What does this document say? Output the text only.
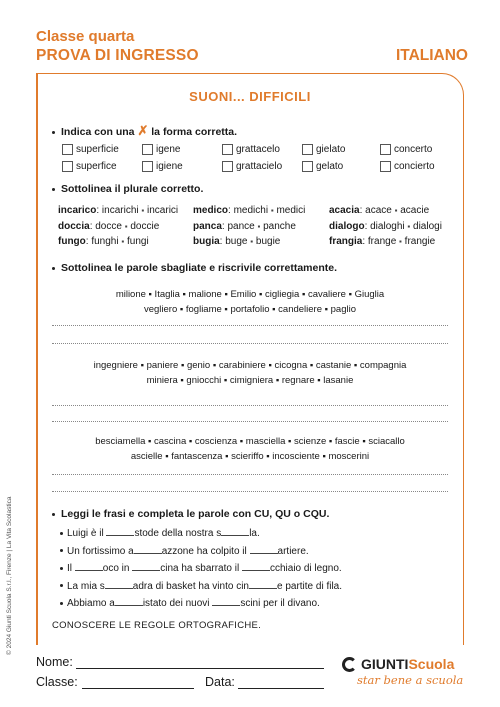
Classe quarta
PROVA DI INGRESSO	ITALIANO
© 2024 Giunti Scuola S.r.l., Firenze | La Vita Scolastica
SUONI... DIFFICILI
Indica con una ✗ la forma corretta.
superficie	igene	grattacelo	gielato	concerto
superfice	igiene	grattacielo	gelato	concierto
Sottolinea il plurale corretto.
incarico: incarichi ▪ incarici	medico: medichi ▪ medici	acacia: acace ▪ acacie
doccia: docce ▪ doccie	panca: pance ▪ panche	dialogo: dialoghi ▪ dialogi
fungo: funghi ▪ fungi	bugia: buge ▪ bugie	frangia: frange ▪ frangie
Sottolinea le parole sbagliate e riscrivile correttamente.
milione ▪ Itaglia ▪ malione ▪ Emilio ▪ cigliegia ▪ cavaliere ▪ Giuglia
vegliero ▪ fogliame ▪ portafolio ▪ candeliere ▪ paglio
ingegniere ▪ paniere ▪ genio ▪ carabiniere ▪ cicogna ▪ castanie ▪ compagnia
miniera ▪ gniocchi ▪ cimigniera ▪ regnare ▪ lasanie
besciamella ▪ cascina ▪ coscienza ▪ masciella ▪ scienze ▪ fascie ▪ sciacallo
ascielle ▪ fantascenza ▪ scieriffo ▪ incosciente ▪ moscerini
Leggi le frasi e completa le parole con CU, QU o CQU.
Luigi è il	stode della nostra s	la.
Un fortissimo a	azzone ha colpito il	artiere.
Il	oco in	cina ha sbarrato il	cchiaio di legno.
La mia s	adra di basket ha vinto cin	e partite di fila.
Abbiamo a	istato dei nuovi	scini per il divano.
CONOSCERE LE REGOLE ORTOGRAFICHE.
Nome:
Classe:	Data:
GIUNTI Scuola
star bene a scuola
